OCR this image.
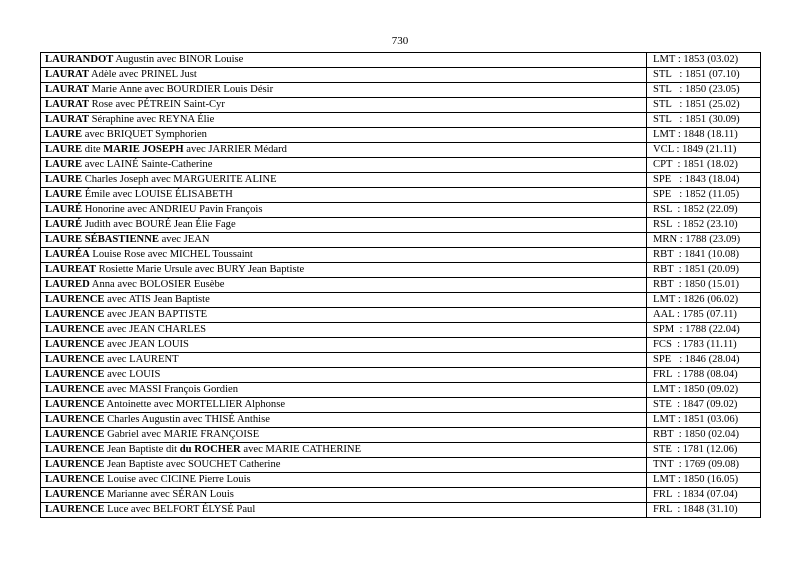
730
LAURANDOT Augustin avec BINOR Louise	LMT : 1853 (03.02)
LAURAT Adèle avec PRINEL Just	STL   : 1851 (07.10)
LAURAT Marie Anne avec BOURDIER Louis Désir	STL   : 1850 (23.05)
LAURAT Rose avec PÉTREIN Saint-Cyr	STL   : 1851 (25.02)
LAURAT Séraphine avec REYNA Élie	STL   : 1851 (30.09)
LAURE avec BRIQUET Symphorien	LMT : 1848 (18.11)
LAURE dite MARIE JOSEPH avec JARRIER Médard	VCL : 1849 (21.11)
LAURE avec LAINÉ Sainte-Catherine	CPT  : 1851 (18.02)
LAURE Charles Joseph avec MARGUERITE ALINE	SPE   : 1843 (18.04)
LAURE Émile avec LOUISE ÉLISABETH	SPE   : 1852 (11.05)
LAURÉ Honorine avec ANDRIEU Pavin François	RSL  : 1852 (22.09)
LAURÉ Judith avec BOURÉ Jean Élie Fage	RSL  : 1852 (23.10)
LAURE SÉBASTIENNE avec JEAN	MRN : 1788 (23.09)
LAURÉA Louise Rose avec MICHEL Toussaint	RBT  : 1841 (10.08)
LAUREAT Rosiette Marie Ursule avec BURY Jean Baptiste	RBT  : 1851 (20.09)
LAURED Anna avec BOLOSIER Eusèbe	RBT  : 1850 (15.01)
LAURENCE avec ATIS Jean Baptiste	LMT : 1826 (06.02)
LAURENCE avec JEAN BAPTISTE	AAL : 1785 (07.11)
LAURENCE avec JEAN CHARLES	SPM  : 1788 (22.04)
LAURENCE avec JEAN LOUIS	FCS  : 1783 (11.11)
LAURENCE avec LAURENT	SPE   : 1846 (28.04)
LAURENCE avec LOUIS	FRL  : 1788 (08.04)
LAURENCE avec MASSI François Gordien	LMT : 1850 (09.02)
LAURENCE Antoinette avec MORTELLIER Alphonse	STE  : 1847 (09.02)
LAURENCE Charles Augustin avec THISÉ Anthise	LMT : 1851 (03.06)
LAURENCE Gabriel avec MARIE FRANÇOISE	RBT  : 1850 (02.04)
LAURENCE Jean Baptiste dit du ROCHER avec MARIE CATHERINE	STE  : 1781 (12.06)
LAURENCE Jean Baptiste avec SOUCHET Catherine	TNT  : 1769 (09.08)
LAURENCE Louise avec CICINE Pierre Louis	LMT : 1850 (16.05)
LAURENCE Marianne avec SÉRAN Louis	FRL  : 1834 (07.04)
LAURENCE Luce avec BELFORT ÉLYSÉ Paul	FRL  : 1848 (31.10)
